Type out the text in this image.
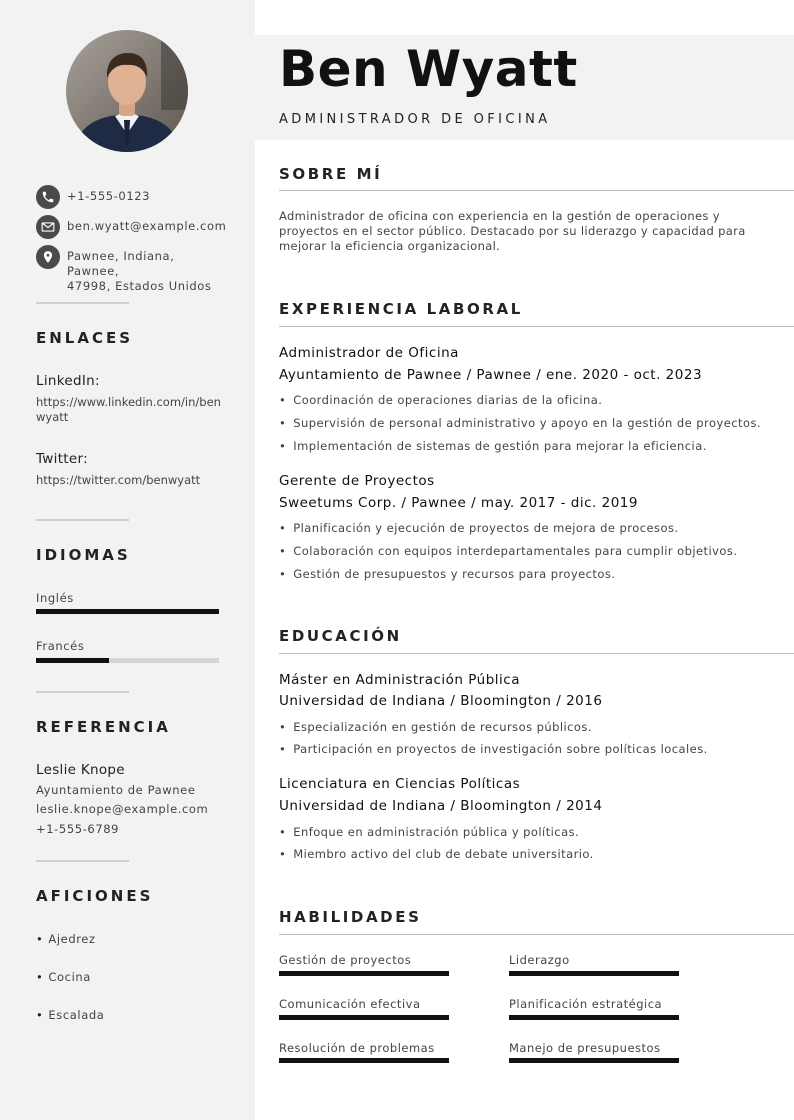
+1-555-0123
ben.wyatt@example.com
Pawnee, Indiana, Pawnee,
47998, Estados Unidos
ENLACES
LinkedIn:
https://www.linkedin.com/in/benwyatt
Twitter:
https://twitter.com/benwyatt
IDIOMAS
Inglés
Francés
REFERENCIA
Leslie Knope
Ayuntamiento de Pawnee
leslie.knope@example.com
+1-555-6789
AFICIONES
• Ajedrez
• Cocina
• Escalada
Ben Wyatt
ADMINISTRADOR DE OFICINA
SOBRE MÍ
Administrador de oficina con experiencia en la gestión de operaciones y proyectos en el sector público. Destacado por su liderazgo y capacidad para mejorar la eficiencia organizacional.
EXPERIENCIA LABORAL
Administrador de Oficina
Ayuntamiento de Pawnee / Pawnee / ene. 2020 - oct. 2023
• Coordinación de operaciones diarias de la oficina.
• Supervisión de personal administrativo y apoyo en la gestión de proyectos.
• Implementación de sistemas de gestión para mejorar la eficiencia.
Gerente de Proyectos
Sweetums Corp. / Pawnee / may. 2017 - dic. 2019
• Planificación y ejecución de proyectos de mejora de procesos.
• Colaboración con equipos interdepartamentales para cumplir objetivos.
• Gestión de presupuestos y recursos para proyectos.
EDUCACIÓN
Máster en Administración Pública
Universidad de Indiana / Bloomington / 2016
• Especialización en gestión de recursos públicos.
• Participación en proyectos de investigación sobre políticas locales.
Licenciatura en Ciencias Políticas
Universidad de Indiana / Bloomington / 2014
• Enfoque en administración pública y políticas.
• Miembro activo del club de debate universitario.
HABILIDADES
Gestión de proyectos	Liderazgo
Comunicación efectiva	Planificación estratégica
Resolución de problemas	Manejo de presupuestos
